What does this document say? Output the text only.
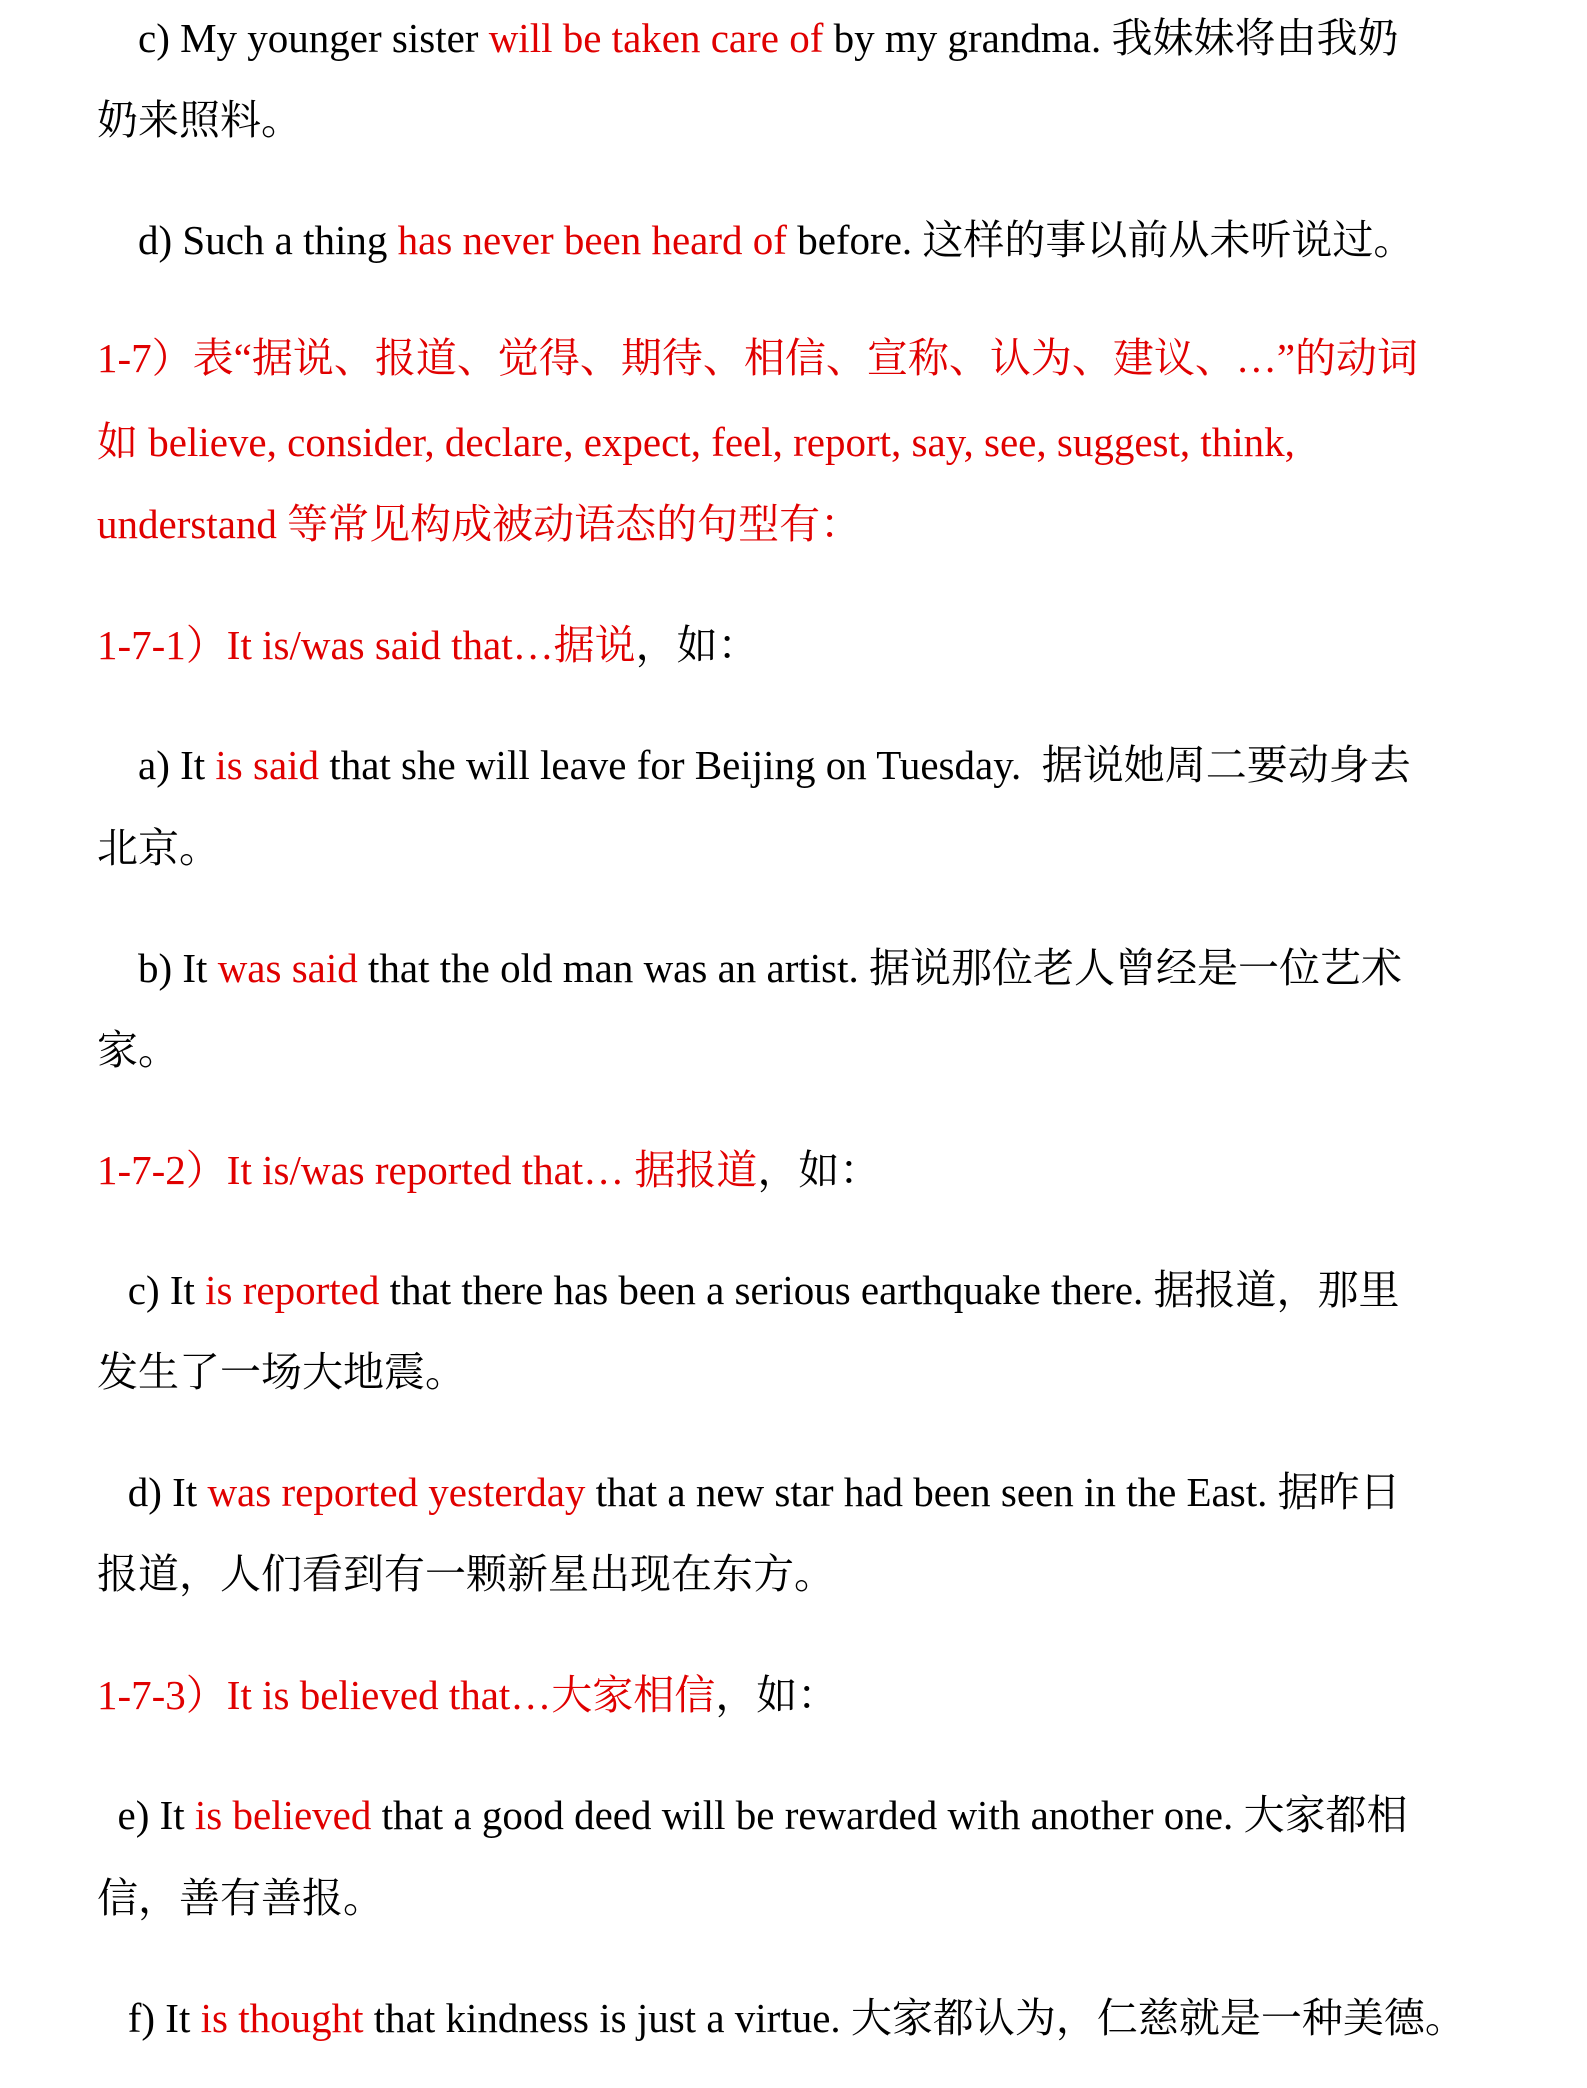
c) My younger sister will be taken care of by my grandma. 我妹妹将由我奶
奶来照料。
d) Such a thing has never been heard of before. 这样的事以前从未听说过。
1-7）表“据说、报道、觉得、期待、相信、宣称、认为、建议、…”的动词
如 believe, consider, declare, expect, feel, report, say, see, suggest, think,
understand 等常见构成被动语态的句型有：
1-7-1）It is/was said that…据说，如：
a) It is said that she will leave for Beijing on Tuesday.  据说她周二要动身去
北京。
b) It was said that the old man was an artist. 据说那位老人曾经是一位艺术
家。
1-7-2）It is/was reported that… 据报道，如：
c) It is reported that there has been a serious earthquake there. 据报道，那里
发生了一场大地震。
d) It was reported yesterday that a new star had been seen in the East. 据昨日
报道，人们看到有一颗新星出现在东方。
1-7-3）It is believed that…大家相信，如：
e) It is believed that a good deed will be rewarded with another one. 大家都相
信，善有善报。
f) It is thought that kindness is just a virtue. 大家都认为，仁慈就是一种美德。
